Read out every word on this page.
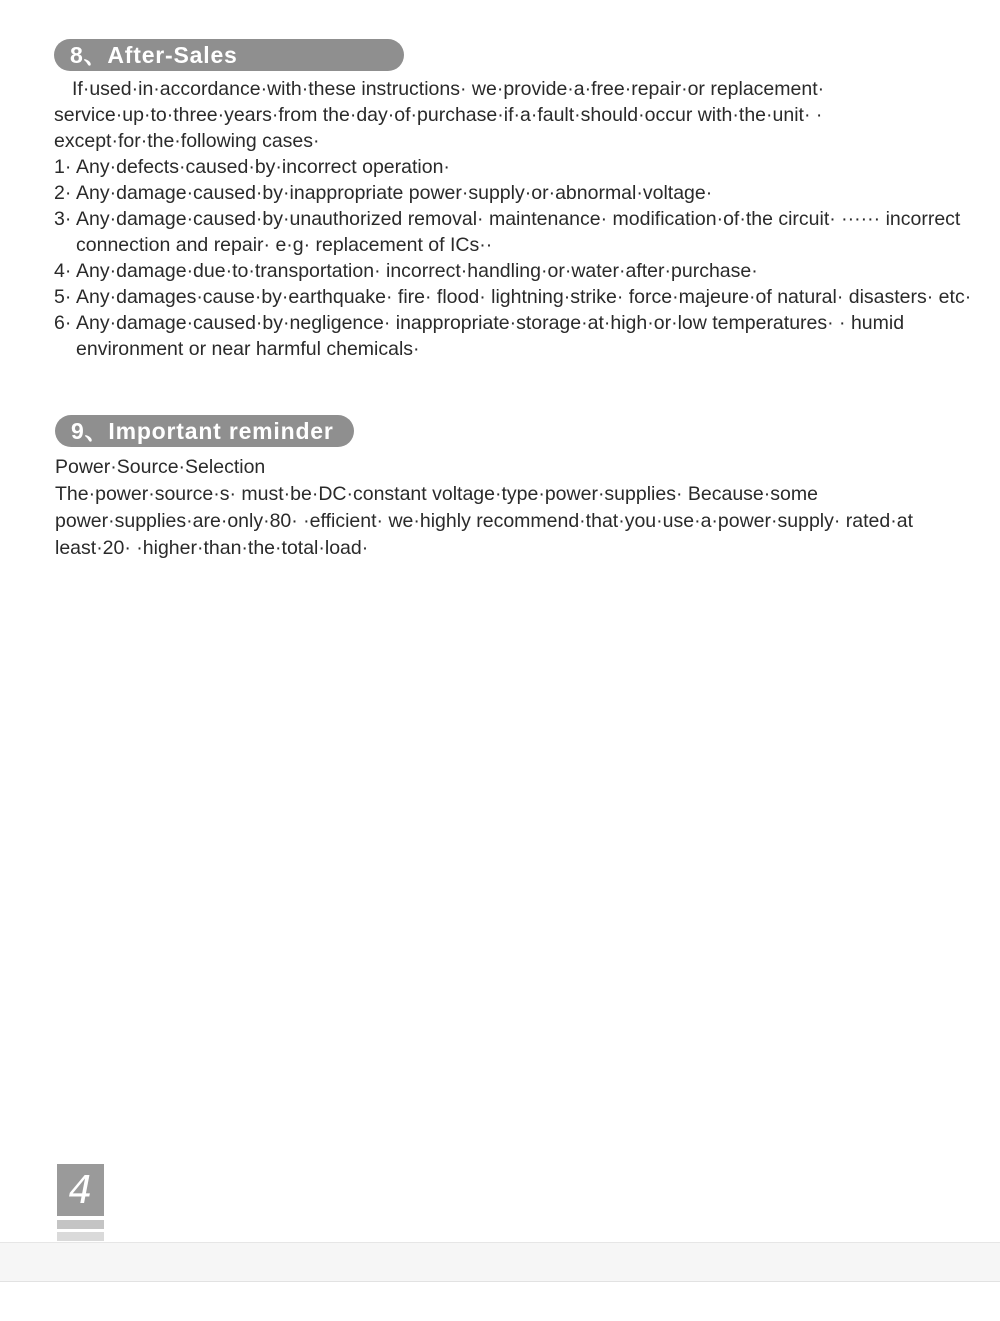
8、After-Sales

If·used·in·accordance·with·these instructions· we·provide·a·free·repair·or replacement·
service·up·to·three·years·from the·day·of·purchase·if·a·fault·should·occur with·the·unit· ·
except·for·the·following cases·

1· Any·defects·caused·by·incorrect operation·
2· Any·damage·caused·by·inappropriate power·supply·or·abnormal·voltage·
3· Any·damage·caused·by·unauthorized removal· maintenance· modification·of·the circuit· ······ incorrect connection and repair· e·g· replacement of ICs··
4· Any·damage·due·to·transportation· incorrect·handling·or·water·after·purchase·
5· Any·damages·cause·by·earthquake· fire· flood· lightning·strike· force·majeure·of natural· disasters· etc·
6· Any·damage·caused·by·negligence· inappropriate·storage·at·high·or·low temperatures· · humid environment or near harmful chemicals·
9、Important reminder
Power·Source·Selection

The·power·source·s· must·be·DC·constant voltage·type·power·supplies· Because·some power·supplies·are·only·80· ·efficient· we·highly recommend·that·you·use·a·power·supply· rated·at least·20· ·higher·than·the·total·load·

4
